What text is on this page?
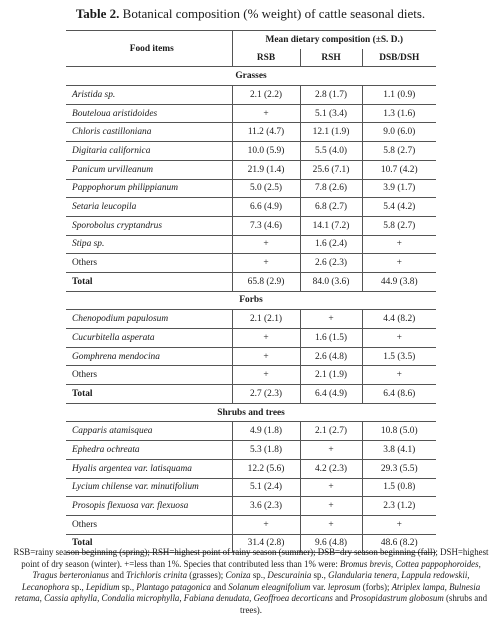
Table 2. Botanical composition (% weight) of cattle seasonal diets.
Food items	Mean dietary composition (±S. D.)		
	RSB	RSH	DSB/DSH
Grasses			
Aristida sp.	2.1 (2.2)	2.8 (1.7)	1.1 (0.9)
Bouteloua aristidoides	+	5.1 (3.4)	1.3 (1.6)
Chloris castilloniana	11.2 (4.7)	12.1 (1.9)	9.0 (6.0)
Digitaria californica	10.0 (5.9)	5.5 (4.0)	5.8 (2.7)
Panicum urvilleanum	21.9 (1.4)	25.6 (7.1)	10.7 (4.2)
Pappophorum philippianum	5.0 (2.5)	7.8 (2.6)	3.9 (1.7)
Setaria leucopila	6.6 (4.9)	6.8 (2.7)	5.4 (4.2)
Sporobolus cryptandrus	7.3 (4.6)	14.1 (7.2)	5.8 (2.7)
Stipa sp.	+	1.6 (2.4)	+
Others	+	2.6 (2.3)	+
Total	65.8 (2.9)	84.0 (3.6)	44.9 (3.8)
Forbs			
Chenopodium papulosum	2.1 (2.1)	+	4.4 (8.2)
Cucurbitella asperata	+	1.6 (1.5)	+
Gomphrena mendocina	+	2.6 (4.8)	1.5 (3.5)
Others	+	2.1 (1.9)	+
Total	2.7 (2.3)	6.4 (4.9)	6.4 (8.6)
Shrubs and trees			
Capparis atamisquea	4.9 (1.8)	2.1 (2.7)	10.8 (5.0)
Ephedra ochreata	5.3 (1.8)	+	3.8 (4.1)
Hyalis argentea var. latisquama	12.2 (5.6)	4.2 (2.3)	29.3 (5.5)
Lycium chilense var. minutifolium	5.1 (2.4)	+	1.5 (0.8)
Prosopis flexuosa var. flexuosa	3.6 (2.3)	+	2.3 (1.2)
Others	+	+	+
Total	31.4 (2.8)	9.6 (4.8)	48.6 (8.2)
RSB=rainy season beginning (spring); RSH=highest point of rainy season (summer); DSB=dry season beginning (fall); DSH=highest point of dry season (winter). +=less than 1%. Species that contributed less than 1% were: Bromus brevis, Cottea pappophoroides, Tragus berteronianus and Trichloris crinita (grasses); Coniza sp., Descurainia sp., Glandularia tenera, Lappula redowskii, Lecanophora sp., Lepidium sp., Plantago patagonica and Solanum eleagnifolium var. leprosum (forbs); Atriplex lampa, Bulnesia retama, Cassia aphylla, Condalia microphylla, Fabiana denudata, Geoffroea decorticans and Prosopidastrum globosum (shrubs and trees).
